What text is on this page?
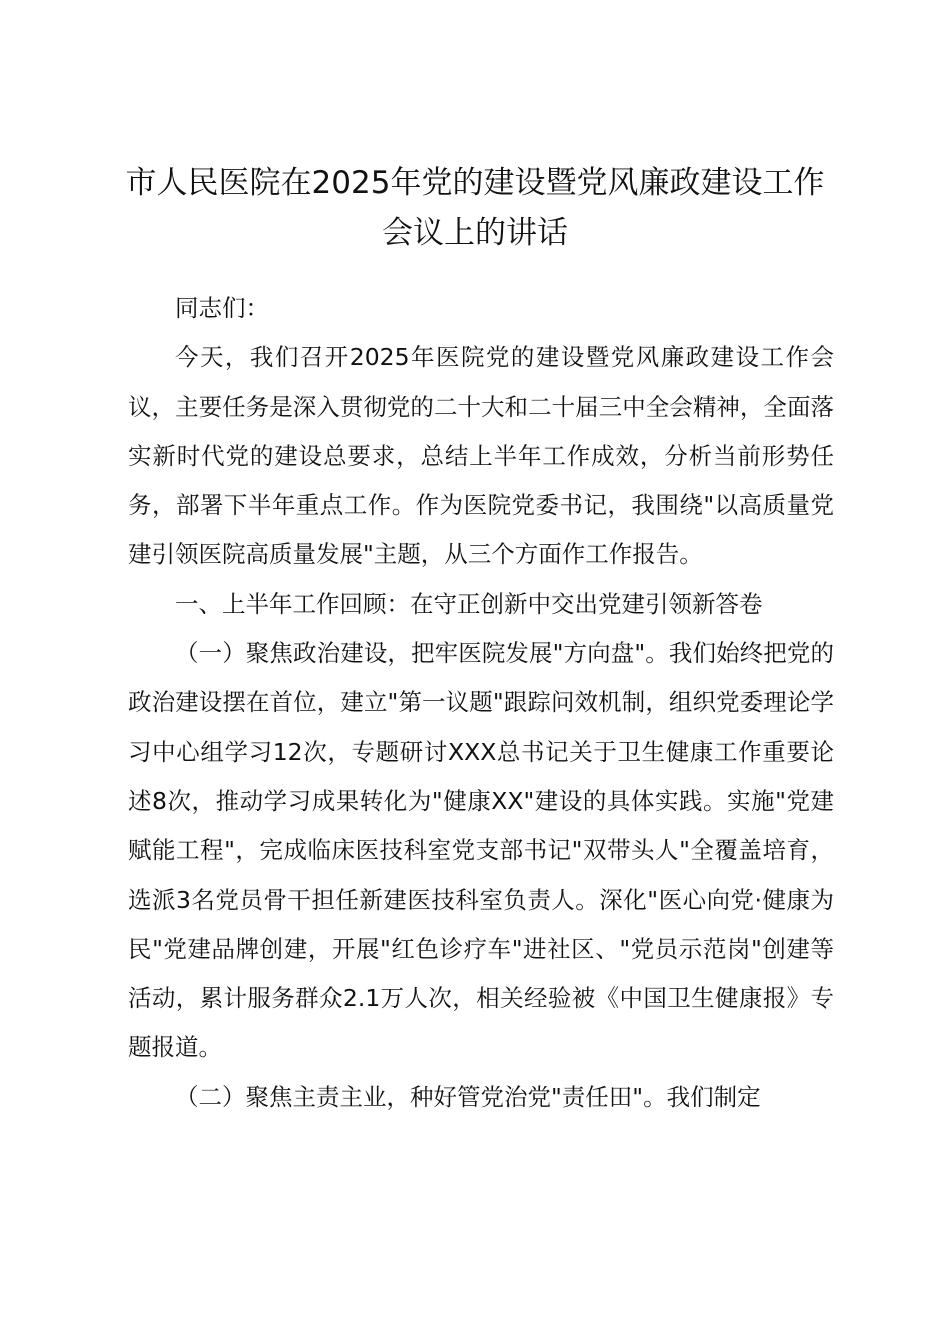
市人民医院在2025年党的建设暨党风廉政建设工作会议上的讲话

同志们：

今天，我们召开2025年医院党的建设暨党风廉政建设工作会议，主要任务是深入贯彻党的二十大和二十届三中全会精神，全面落实新时代党的建设总要求，总结上半年工作成效，分析当前形势任务，部署下半年重点工作。作为医院党委书记，我围绕"以高质量党建引领医院高质量发展"主题，从三个方面作工作报告。

一、上半年工作回顾：在守正创新中交出党建引领新答卷

（一）聚焦政治建设，把牢医院发展"方向盘"。我们始终把党的政治建设摆在首位，建立"第一议题"跟踪问效机制，组织党委理论学习中心组学习12次，专题研讨XXX总书记关于卫生健康工作重要论述8次，推动学习成果转化为"健康XX"建设的具体实践。实施"党建赋能工程"，完成临床医技科室党支部书记"双带头人"全覆盖培育，选派3名党员骨干担任新建医技科室负责人。深化"医心向党·健康为民"党建品牌创建，开展"红色诊疗车"进社区、"党员示范岗"创建等活动，累计服务群众2.1万人次，相关经验被《中国卫生健康报》专题报道。

（二）聚焦主责主业，种好管党治党"责任田"。我们制定
